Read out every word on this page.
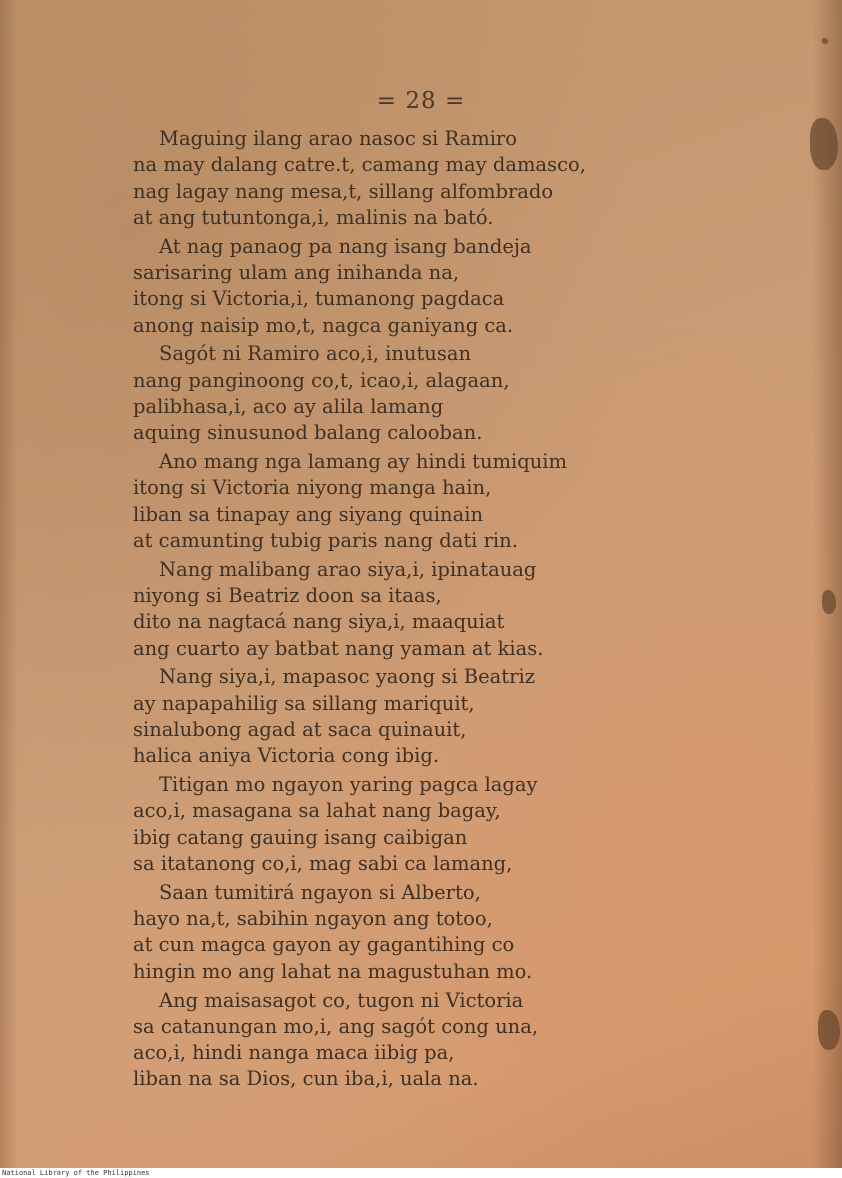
= 28 =
Maguing ilang arao nasoc si Ramiro
na may dalang catre.t, camang may damasco,
nag lagay nang mesa,t, sillang alfombrado
at ang tutuntonga,i, malinis na bató.
At nag panaog pa nang isang bandeja
sarisaring ulam ang inihanda na,
itong si Victoria,i, tumanong pagdaca
anong naisip mo,t, nagca ganiyang ca.
Sagót ni Ramiro aco,i, inutusan
nang panginoong co,t, icao,i, alagaan,
palibhasa,i, aco ay alila lamang
aquing sinusunod balang calooban.
Ano mang nga lamang ay hindi tumiquim
itong si Victoria niyong manga hain,
liban sa tinapay ang siyang quinain
at camunting tubig paris nang dati rin.
Nang malibang arao siya,i, ipinatauag
niyong si Beatriz doon sa itaas,
dito na nagtacá nang siya,i, maaquiat
ang cuarto ay batbat nang yaman at kias.
Nang siya,i, mapasoc yaong si Beatriz
ay napapahilig sa sillang mariquit,
sinalubong agad at saca quinauit,
halica aniya Victoria cong ibig.
Titigan mo ngayon yaring pagca lagay
aco,i, masagana sa lahat nang bagay,
ibig catang gauing isang caibigan
sa itatanong co,i, mag sabi ca lamang,
Saan tumitirá ngayon si Alberto,
hayo na,t, sabihin ngayon ang totoo,
at cun magca gayon ay gagantihing co
hingin mo ang lahat na magustuhan mo.
Ang maisasagot co, tugon ni Victoria
sa catanungan mo,i, ang sagót cong una,
aco,i, hindi nanga maca iibig pa,
liban na sa Dios, cun iba,i, uala na.
National Library of the Philippines
